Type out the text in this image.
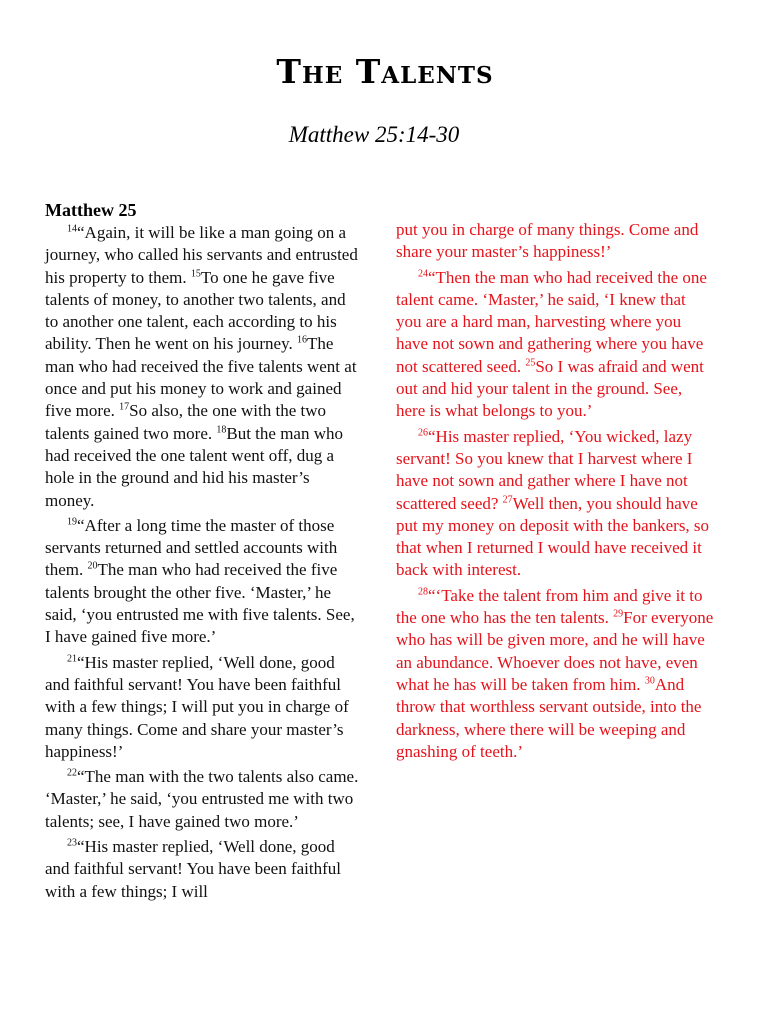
The Talents
Matthew 25:14-30
Matthew 25

$^{14}$“Again, it will be like a man going on a journey, who called his servants and entrusted his property to them. $^{15}$To one he gave five talents of money, to another two talents, and to another one talent, each according to his ability. Then he went on his journey. $^{16}$The man who had received the five talents went at once and put his money to work and gained five more. $^{17}$So also, the one with the two talents gained two more. $^{18}$But the man who had received the one talent went off, dug a hole in the ground and hid his master’s money.

$^{19}$“After a long time the master of those servants returned and settled accounts with them. $^{20}$The man who had received the five talents brought the other five. ‘Master,’ he said, ‘you entrusted me with five talents. See, I have gained five more.’

$^{21}$“His master replied, ‘Well done, good and faithful servant! You have been faithful with a few things; I will put you in charge of many things. Come and share your master’s happiness!’

$^{22}$“The man with the two talents also came. ‘Master,’ he said, ‘you entrusted me with two talents; see, I have gained two more.’

$^{23}$“His master replied, ‘Well done, good and faithful servant! You have been faithful with a few things; I will

put you in charge of many things. Come and share your master’s happiness!’

$^{24}$“Then the man who had received the one talent came. ‘Master,’ he said, ‘I knew that you are a hard man, harvesting where you have not sown and gathering where you have not scattered seed. $^{25}$So I was afraid and went out and hid your talent in the ground. See, here is what belongs to you.’

$^{26}$“His master replied, ‘You wicked, lazy servant! So you knew that I harvest where I have not sown and gather where I have not scattered seed? $^{27}$Well then, you should have put my money on deposit with the bankers, so that when I returned I would have received it back with interest.

$^{28}$“‘Take the talent from him and give it to the one who has the ten talents. $^{29}$For everyone who has will be given more, and he will have an abundance. Whoever does not have, even what he has will be taken from him. $^{30}$And throw that worthless servant outside, into the darkness, where there will be weeping and gnashing of teeth.’
